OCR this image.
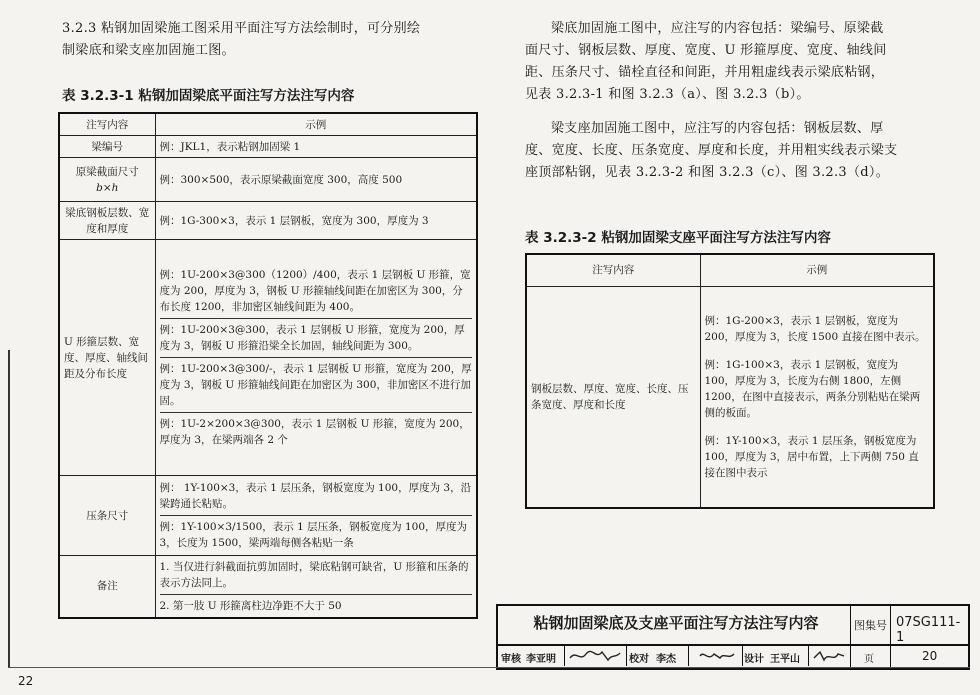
3.2.3 粘钢加固梁施工图采用平面注写方法绘制时，可分别绘
制梁底和梁支座加固施工图。
表 3.2.3-1 粘钢加固梁底平面注写方法注写内容
注写内容	示例
梁编号	例：JKL1，表示粘钢加固梁 1

原梁截面尺寸
b×h	例：300×500，表示原梁截面宽度 300，高度 500
梁底钢板层数、宽度和厚度	例：1G-300×3，表示 1 层钢板，宽度为 300，厚度为 3
U 形箍层数、宽度、厚度、轴线间距及分布长度	例：1U-200×3@300（1200）/400，表示 1 层钢板 U 形箍，宽度为 200，厚度为 3，钢板 U 形箍轴线间距在加密区为 300，分布长度 1200，非加密区轴线间距为 400。
例：1U-200×3@300，表示 1 层钢板 U 形箍，宽度为 200，厚度为 3，钢板 U 形箍沿梁全长加固，轴线间距为 300。
例：1U-200×3@300/-，表示 1 层钢板 U 形箍，宽度为 200，厚度为 3，钢板 U 形箍轴线间距在加密区为 300，非加密区不进行加固。
例：1U-2×200×3@300，表示 1 层钢板 U 形箍，宽度为 200，厚度为 3，在梁两端各 2 个

压条尺寸	例： 1Y-100×3，表示 1 层压条，钢板宽度为 100，厚度为 3，沿梁跨通长粘贴。
例：1Y-100×3/1500，表示 1 层压条，钢板宽度为 100，厚度为 3，长度为 1500，梁两端每侧各粘贴一条

备注	1. 当仅进行斜截面抗剪加固时，梁底粘钢可缺省，U 形箍和压条的表示方法同上。
2. 第一肢 U 形箍离柱边净距不大于 50
梁底加固施工图中，应注写的内容包括：梁编号、原梁截
面尺寸、钢板层数、厚度、宽度、U 形箍厚度、宽度、轴线间
距、压条尺寸、锚栓直径和间距，并用粗虚线表示梁底粘钢，
见表 3.2.3-1 和图 3.2.3（a）、图 3.2.3（b）。
梁支座加固施工图中，应注写的内容包括：钢板层数、厚
度、宽度、长度、压条宽度、厚度和长度，并用粗实线表示梁支
座顶部粘钢，见表 3.2.3-2 和图 3.2.3（c）、图 3.2.3（d）。
表 3.2.3-2 粘钢加固梁支座平面注写方法注写内容
注写内容	示例
钢板层数、厚度、宽度、长度、压条宽度、厚度和长度	例：1G-200×3，表示 1 层钢板，宽度为 200，厚度为 3，长度 1500 直接在图中表示。
例：1G-100×3，表示 1 层钢板，宽度为 100，厚度为 3，长度为右侧 1800，左侧 1200，在图中直接表示，两条分别粘贴在梁两侧的板面。
例：1Y-100×3，表示 1 层压条，钢板宽度为 100，厚度为 3，居中布置，上下两侧 750 直接在图中表示
粘钢加固梁底及支座平面注写方法注写内容	图集号 07SG111-1
审核 李亚明	校对 李杰	设计 王平山	页	20
22
